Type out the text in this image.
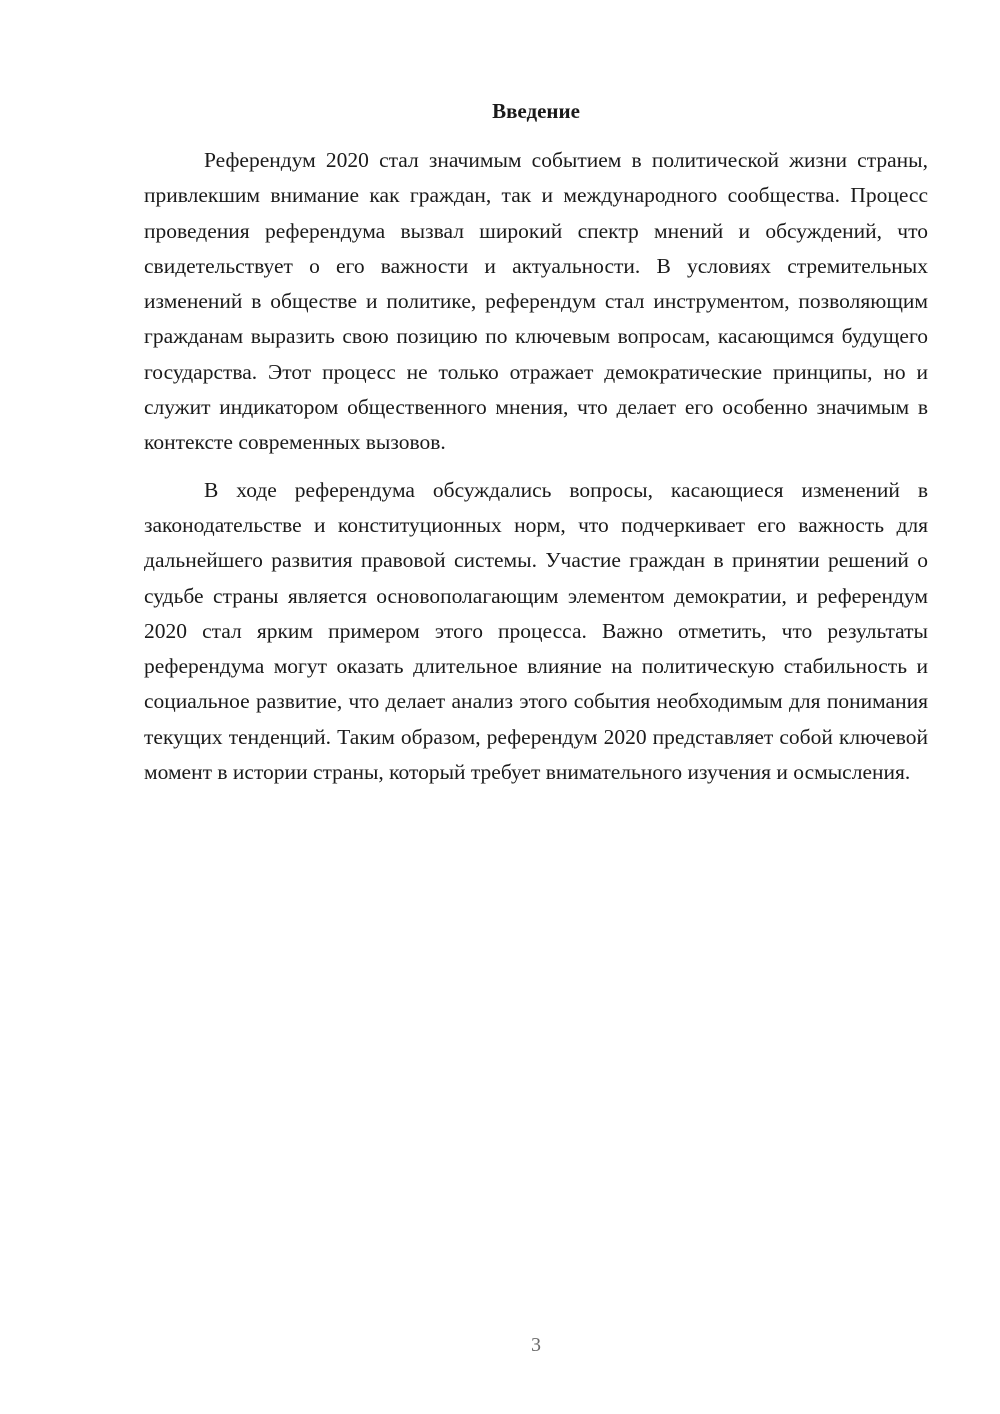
Введение

Референдум 2020 стал значимым событием в политической жизни страны, привлекшим внимание как граждан, так и международного сообщества. Процесс проведения референдума вызвал широкий спектр мнений и обсуждений, что свидетельствует о его важности и актуальности. В условиях стремительных изменений в обществе и политике, референдум стал инструментом, позволяющим гражданам выразить свою позицию по ключевым вопросам, касающимся будущего государства. Этот процесс не только отражает демократические принципы, но и служит индикатором общественного мнения, что делает его особенно значимым в контексте современных вызовов.

В ходе референдума обсуждались вопросы, касающиеся изменений в законодательстве и конституционных норм, что подчеркивает его важность для дальнейшего развития правовой системы. Участие граждан в принятии решений о судьбе страны является основополагающим элементом демократии, и референдум 2020 стал ярким примером этого процесса. Важно отметить, что результаты референдума могут оказать длительное влияние на политическую стабильность и социальное развитие, что делает анализ этого события необходимым для понимания текущих тенденций. Таким образом, референдум 2020 представляет собой ключевой момент в истории страны, который требует внимательного изучения и осмысления.

3
